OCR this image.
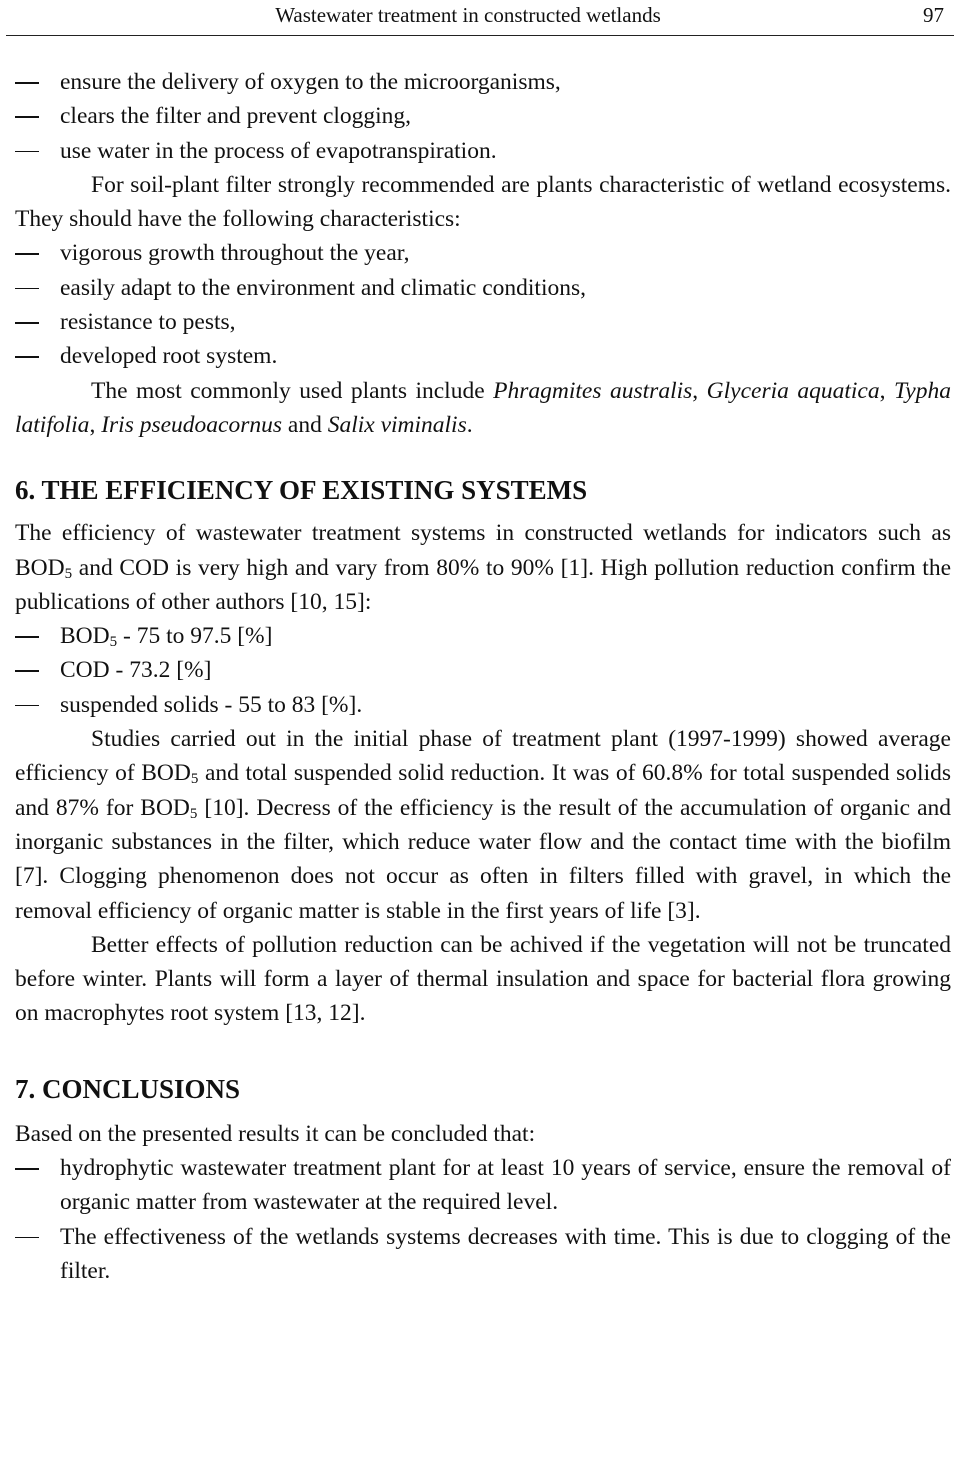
Wastewater treatment in constructed wetlands	97
ensure the delivery of oxygen to the microorganisms,
clears the filter and prevent clogging,
use water in the process of evapotranspiration.

For soil-plant filter strongly recommended are plants characteristic of wetland ecosystems. They should have the following characteristics:

vigorous growth throughout the year,
easily adapt to the environment and climatic conditions,
resistance to pests,
developed root system.

The most commonly used plants include Phragmites australis, Glyceria aquatica, Typha latifolia, Iris pseudoacornus and Salix viminalis.

6. THE EFFICIENCY OF EXISTING SYSTEMS

The efficiency of wastewater treatment systems in constructed wetlands for indicators such as $BOD_5$ and COD is very high and vary from 80% to 90% [1]. High pollution reduction confirm the publications of other authors [10, 15]:

$BOD_5 - 75$ to 97.5 [%]
COD - 73.2 [%]
suspended solids - 55 to 83 [%].

Studies carried out in the initial phase of treatment plant (1997-1999) showed average efficiency of $BOD_5$ and total suspended solid reduction. It was of 60.8% for total suspended solids and 87% for $BOD_5$ [10]. Decress of the efficiency is the result of the accumulation of organic and inorganic substances in the filter, which reduce water flow and the contact time with the biofilm [7]. Clogging phenomenon does not occur as often in filters filled with gravel, in which the removal efficiency of organic matter is stable in the first years of life [3].

Better effects of pollution reduction can be achived if the vegetation will not be truncated before winter. Plants will form a layer of thermal insulation and space for bacterial flora growing on macrophytes root system [13, 12].

7. CONCLUSIONS

Based on the presented results it can be concluded that:

hydrophytic wastewater treatment plant for at least 10 years of service, ensure the removal of organic matter from wastewater at the required level.
The effectiveness of the wetlands systems decreases with time. This is due to clogging of the filter.
